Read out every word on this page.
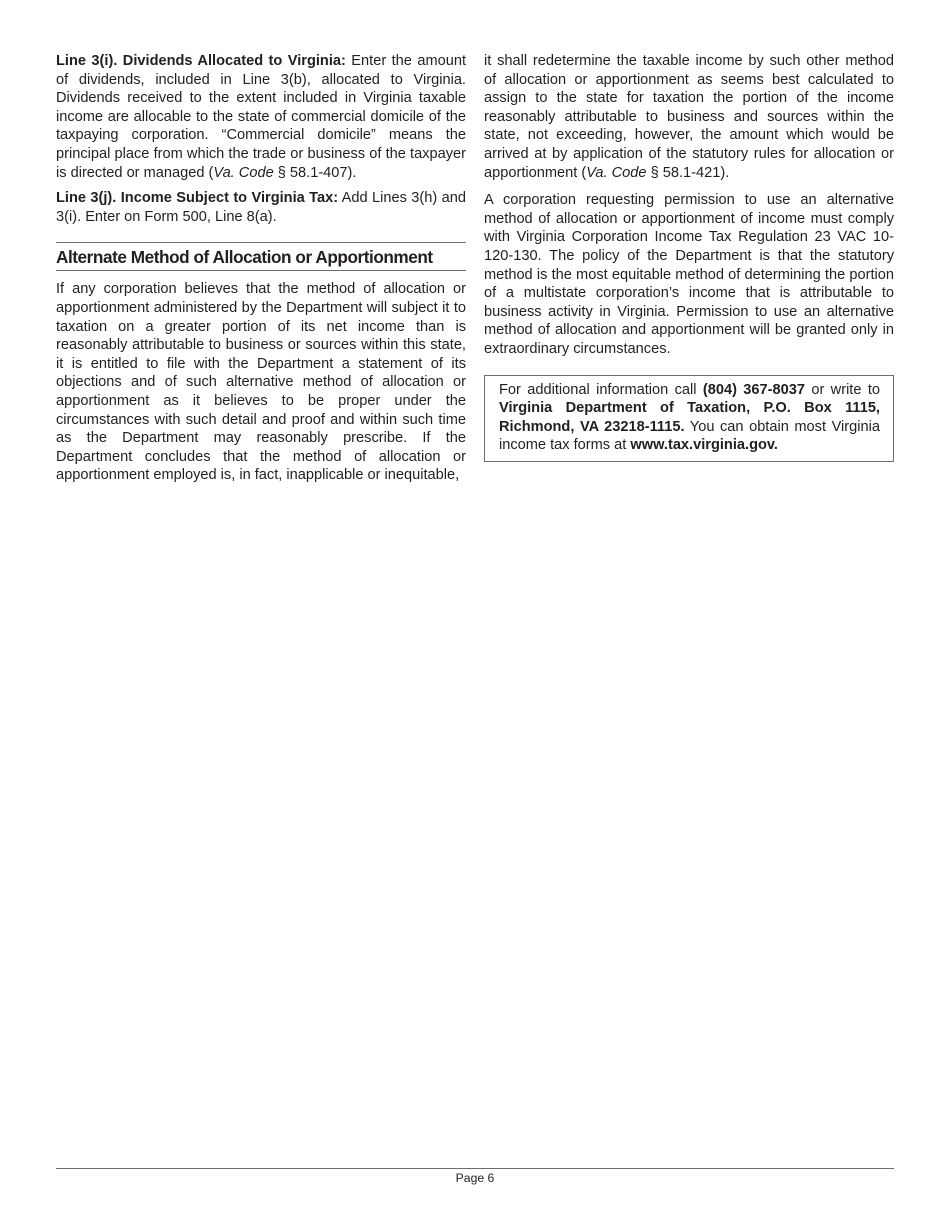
Line 3(i). Dividends Allocated to Virginia: Enter the amount of dividends, included in Line 3(b), allocated to Virginia. Dividends received to the extent included in Virginia taxable income are allocable to the state of commercial domicile of the taxpaying corporation. “Commercial domicile” means the principal place from which the trade or business of the taxpayer is directed or managed (Va. Code § 58.1-407).

Line 3(j). Income Subject to Virginia Tax: Add Lines 3(h) and 3(i). Enter on Form 500, Line 8(a).

Alternate Method of Allocation or Apportionment

If any corporation believes that the method of allocation or apportionment administered by the Department will subject it to taxation on a greater portion of its net income than is reasonably attributable to business or sources within this state, it is entitled to file with the Department a statement of its objections and of such alternative method of allocation or apportionment as it believes to be proper under the circumstances with such detail and proof and within such time as the Department may reasonably prescribe. If the Department concludes that the method of allocation or apportionment employed is, in fact, inapplicable or inequitable,

it shall redetermine the taxable income by such other method of allocation or apportionment as seems best calculated to assign to the state for taxation the portion of the income reasonably attributable to business and sources within the state, not exceeding, however, the amount which would be arrived at by application of the statutory rules for allocation or apportionment (Va. Code § 58.1-421).

A corporation requesting permission to use an alternative method of allocation or apportionment of income must comply with Virginia Corporation Income Tax Regulation 23 VAC 10-120-130. The policy of the Department is that the statutory method is the most equitable method of determining the portion of a multistate corporation’s income that is attributable to business activity in Virginia. Permission to use an alternative method of allocation and apportionment will be granted only in extraordinary circumstances.

For additional information call (804) 367-8037 or write to Virginia Department of Taxation, P.O. Box 1115, Richmond, VA 23218-1115. You can obtain most Virginia income tax forms at www.tax.virginia.gov.

Page 6
